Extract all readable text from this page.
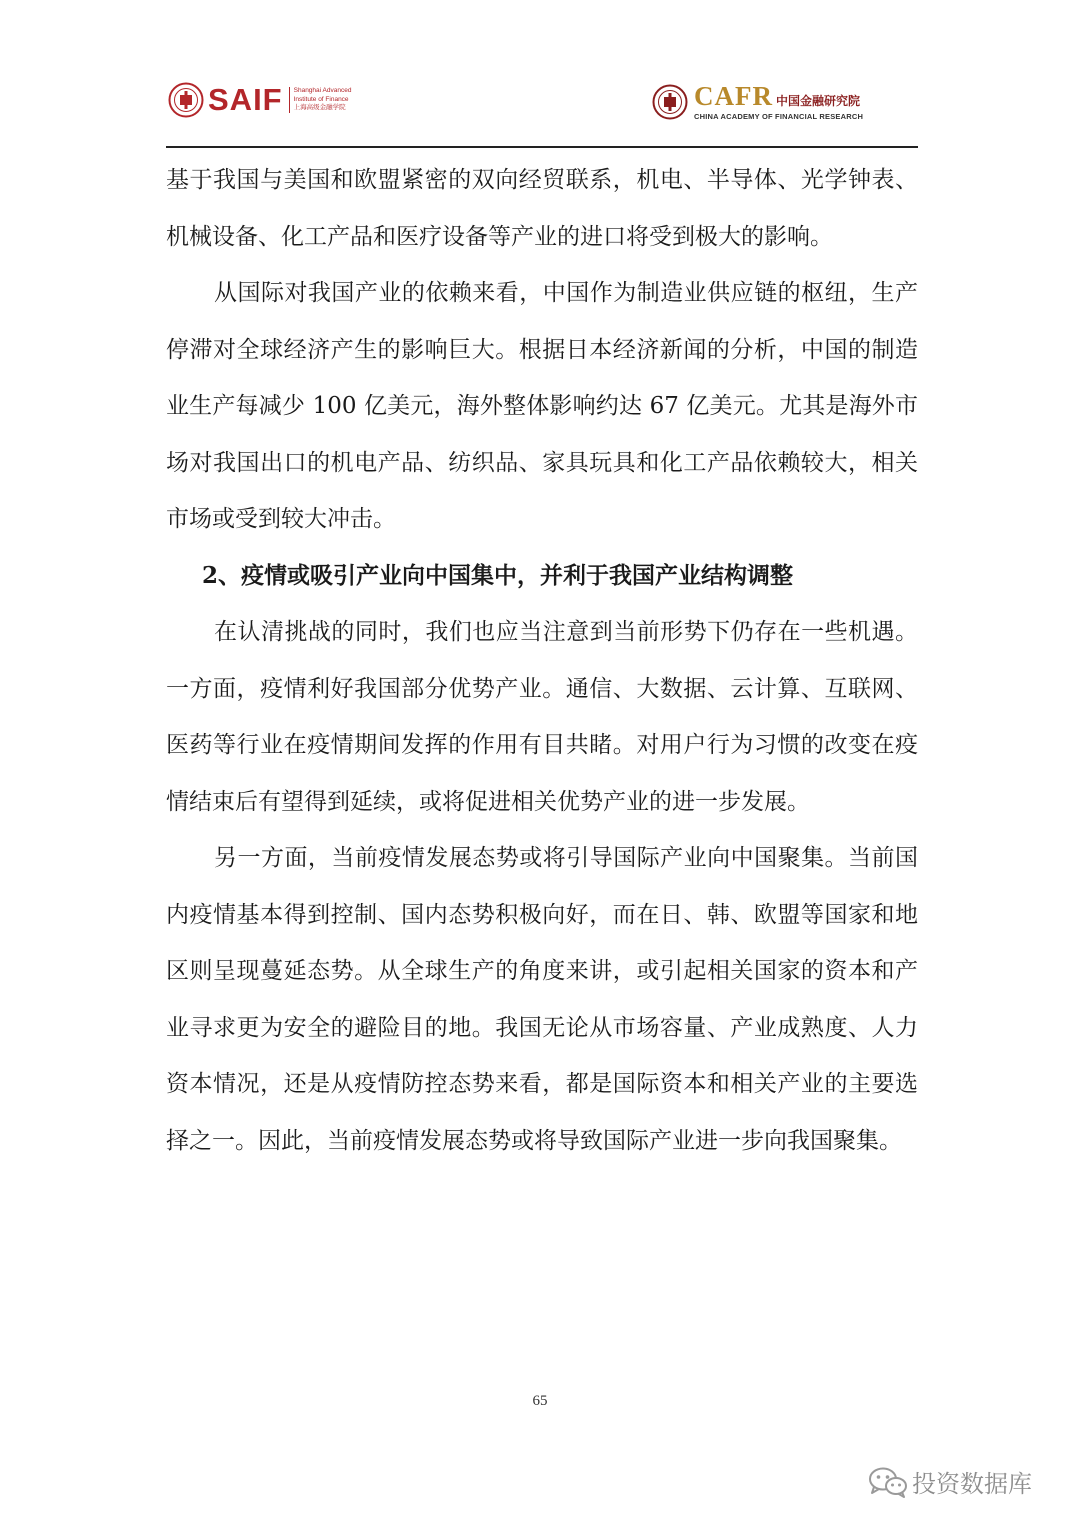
SAIF Shanghai Advanced
Institute of Finance
上海高级金融学院	CAFR 中国金融研究院
CHINA ACADEMY OF FINANCIAL RESEARCH

基于我国与美国和欧盟紧密的双向经贸联系，机电、半导体、光学钟表、机械设备、化工产品和医疗设备等产业的进口将受到极大的影响。

从国际对我国产业的依赖来看，中国作为制造业供应链的枢纽，生产停滞对全球经济产生的影响巨大。根据日本经济新闻的分析，中国的制造业生产每减少 100 亿美元，海外整体影响约达 67 亿美元。尤其是海外市场对我国出口的机电产品、纺织品、家具玩具和化工产品依赖较大，相关市场或受到较大冲击。

2、疫情或吸引产业向中国集中，并利于我国产业结构调整

在认清挑战的同时，我们也应当注意到当前形势下仍存在一些机遇。一方面，疫情利好我国部分优势产业。通信、大数据、云计算、互联网、医药等行业在疫情期间发挥的作用有目共睹。对用户行为习惯的改变在疫情结束后有望得到延续，或将促进相关优势产业的进一步发展。

另一方面，当前疫情发展态势或将引导国际产业向中国聚集。当前国内疫情基本得到控制、国内态势积极向好，而在日、韩、欧盟等国家和地区则呈现蔓延态势。从全球生产的角度来讲，或引起相关国家的资本和产业寻求更为安全的避险目的地。我国无论从市场容量、产业成熟度、人力资本情况，还是从疫情防控态势来看，都是国际资本和相关产业的主要选择之一。因此，当前疫情发展态势或将导致国际产业进一步向我国聚集。

65
投资数据库
